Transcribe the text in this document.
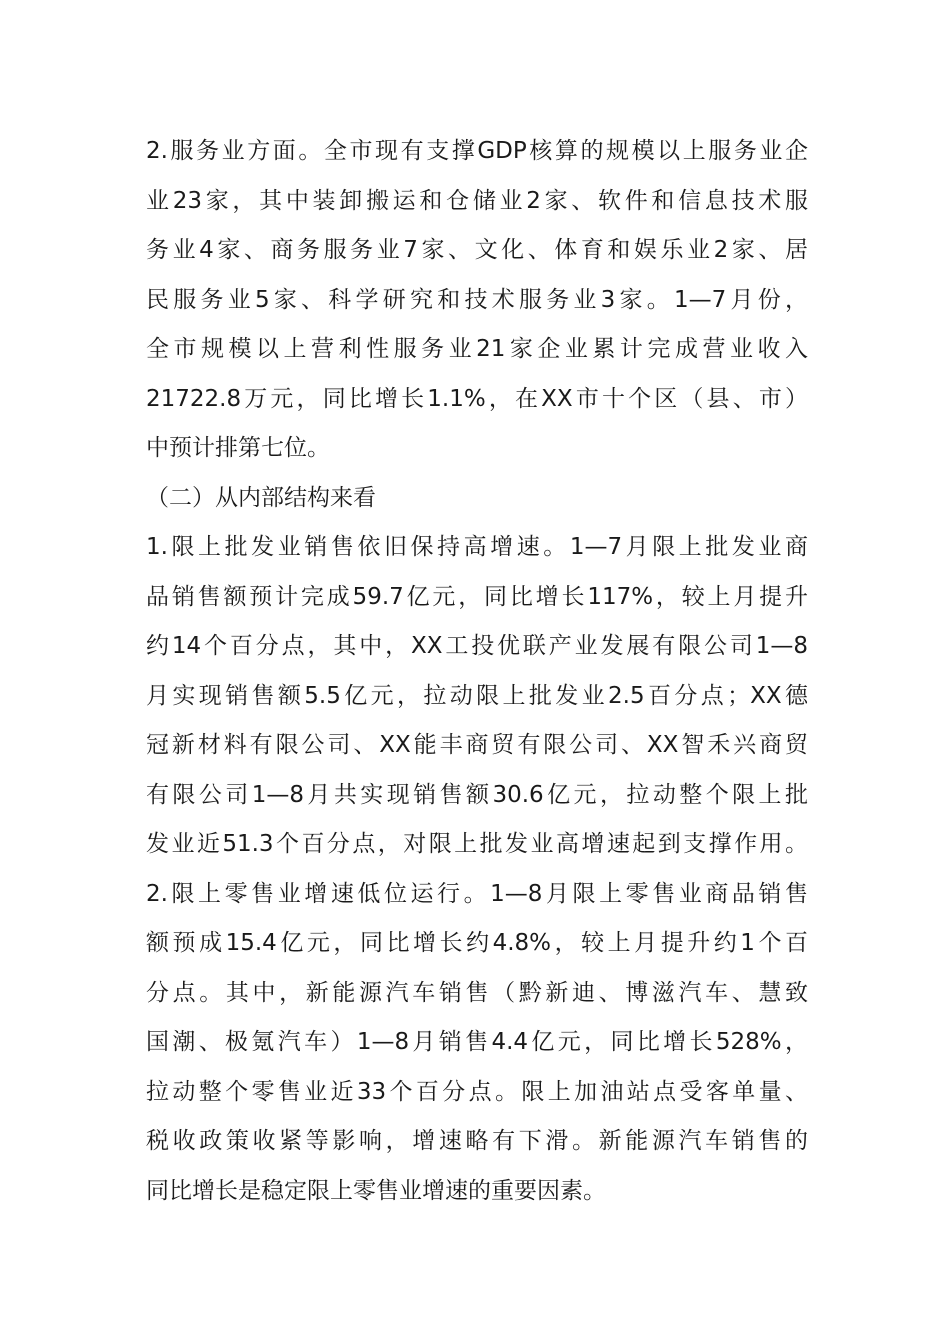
2.服务业方面。全市现有支撑GDP核算的规模以上服务业企
业23家，其中装卸搬运和仓储业2家、软件和信息技术服
务业4家、商务服务业7家、文化、体育和娱乐业2家、居
民服务业5家、科学研究和技术服务业3家。1—7月份，
全市规模以上营利性服务业21家企业累计完成营业收入
21722.8万元，同比增长1.1%，在XX市十个区（县、市）
中预计排第七位。
（二）从内部结构来看
1.限上批发业销售依旧保持高增速。1—7月限上批发业商
品销售额预计完成59.7亿元，同比增长117%，较上月提升
约14个百分点，其中，XX工投优联产业发展有限公司1—8
月实现销售额5.5亿元，拉动限上批发业2.5百分点；XX德
冠新材料有限公司、XX能丰商贸有限公司、XX智禾兴商贸
有限公司1—8月共实现销售额30.6亿元，拉动整个限上批
发业近51.3个百分点，对限上批发业高增速起到支撑作用。
2.限上零售业增速低位运行。1—8月限上零售业商品销售
额预成15.4亿元，同比增长约4.8%，较上月提升约1个百
分点。其中，新能源汽车销售（黔新迪、博滋汽车、慧致
国潮、极氪汽车）1—8月销售4.4亿元，同比增长528%，
拉动整个零售业近33个百分点。限上加油站点受客单量、
税收政策收紧等影响，增速略有下滑。新能源汽车销售的
同比增长是稳定限上零售业增速的重要因素。
